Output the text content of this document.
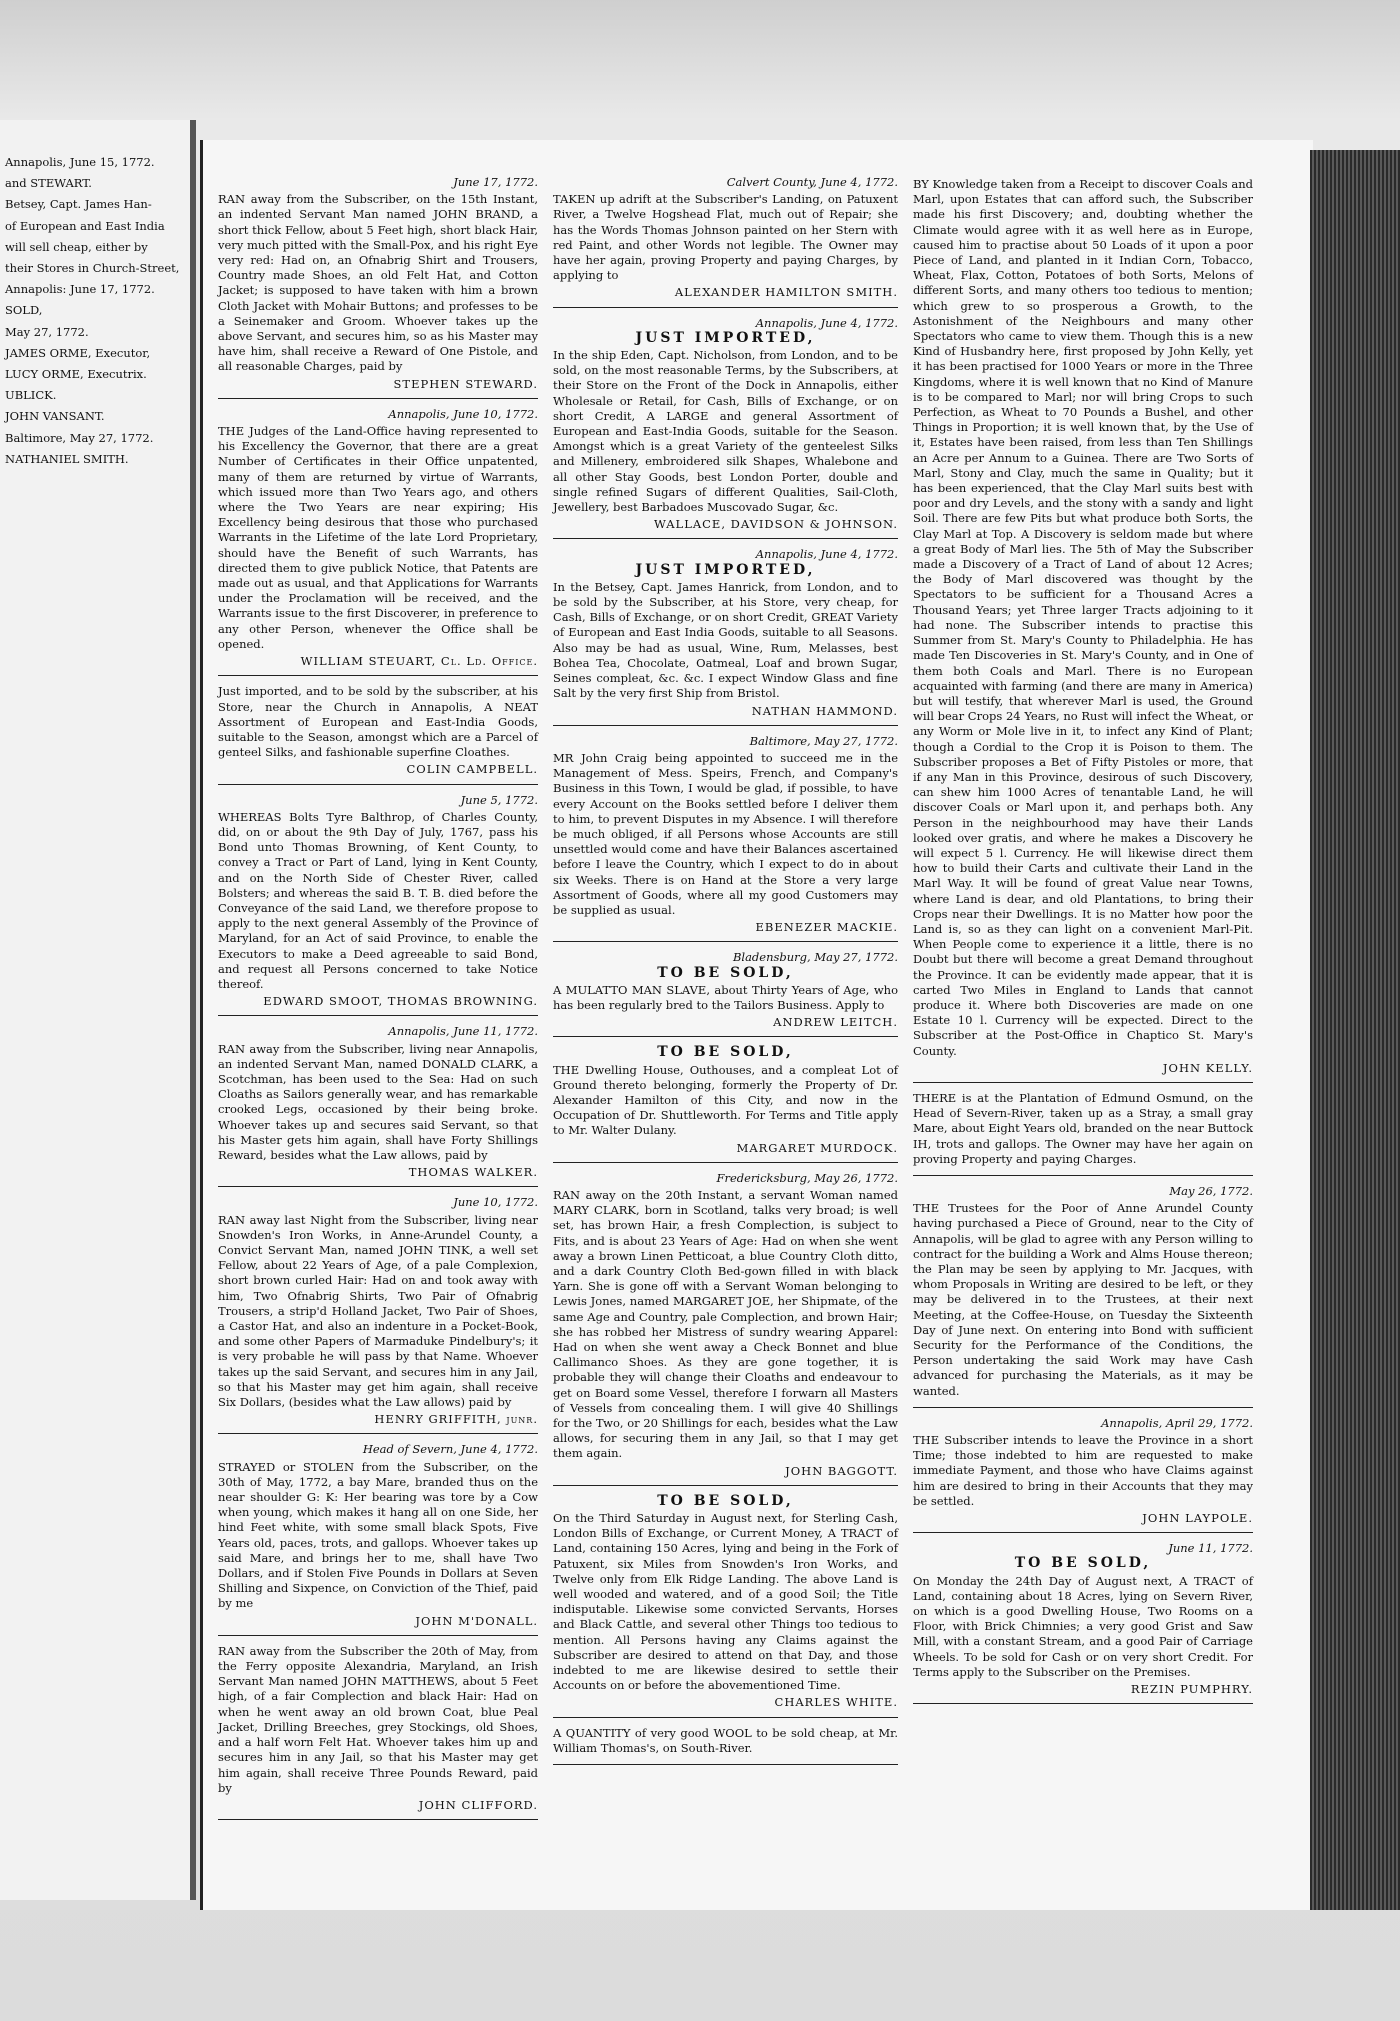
Annapolis, June 15, 1772.
and STEWART.
Betsey, Capt. James Han-
of European and East India
will sell cheap, either by
their Stores in Church-Street,
Annapolis: June 17, 1772.
SOLD,
May 27, 1772.
JAMES ORME, Executor,
LUCY ORME, Executrix.
UBLICK.
JOHN VANSANT.
Baltimore, May 27, 1772.
NATHANIEL SMITH.
June 17, 1772.
RAN away from the Subscriber, on the 15th Instant, an indented Servant Man named JOHN BRAND, a short thick Fellow, about 5 Feet high, short black Hair, very much pitted with the Small-Pox, and his right Eye very red: Had on, an Ofnabrig Shirt and Trousers, Country made Shoes, an old Felt Hat, and Cotton Jacket; is supposed to have taken with him a brown Cloth Jacket with Mohair Buttons; and professes to be a Seinemaker and Groom. Whoever takes up the above Servant, and secures him, so as his Master may have him, shall receive a Reward of One Pistole, and all reasonable Charges, paid by
STEPHEN STEWARD.
Annapolis, June 10, 1772.
THE Judges of the Land-Office having represented to his Excellency the Governor, that there are a great Number of Certificates in their Office unpatented, many of them are returned by virtue of Warrants, which issued more than Two Years ago, and others where the Two Years are near expiring; His Excellency being desirous that those who purchased Warrants in the Lifetime of the late Lord Proprietary, should have the Benefit of such Warrants, has directed them to give publick Notice, that Patents are made out as usual, and that Applications for Warrants under the Proclamation will be received, and the Warrants issue to the first Discoverer, in preference to any other Person, whenever the Office shall be opened.
WILLIAM STEUART, Cl. Ld. Office.
Just imported, and to be sold by the subscriber, at his Store, near the Church in Annapolis, A NEAT Assortment of European and East-India Goods, suitable to the Season, amongst which are a Parcel of genteel Silks, and fashionable superfine Cloathes.
COLIN CAMPBELL.
June 5, 1772.
WHEREAS Bolts Tyre Balthrop, of Charles County, did, on or about the 9th Day of July, 1767, pass his Bond unto Thomas Browning, of Kent County, to convey a Tract or Part of Land, lying in Kent County, and on the North Side of Chester River, called Bolsters; and whereas the said B. T. B. died before the Conveyance of the said Land, we therefore propose to apply to the next general Assembly of the Province of Maryland, for an Act of said Province, to enable the Executors to make a Deed agreeable to said Bond, and request all Persons concerned to take Notice thereof.
EDWARD SMOOT, THOMAS BROWNING.
Annapolis, June 11, 1772.
RAN away from the Subscriber, living near Annapolis, an indented Servant Man, named DONALD CLARK, a Scotchman, has been used to the Sea: Had on such Cloaths as Sailors generally wear, and has remarkable crooked Legs, occasioned by their being broke. Whoever takes up and secures said Servant, so that his Master gets him again, shall have Forty Shillings Reward, besides what the Law allows, paid by
THOMAS WALKER.
June 10, 1772.
RAN away last Night from the Subscriber, living near Snowden's Iron Works, in Anne-Arundel County, a Convict Servant Man, named JOHN TINK, a well set Fellow, about 22 Years of Age, of a pale Complexion, short brown curled Hair: Had on and took away with him, Two Ofnabrig Shirts, Two Pair of Ofnabrig Trousers, a strip'd Holland Jacket, Two Pair of Shoes, a Castor Hat, and also an indenture in a Pocket-Book, and some other Papers of Marmaduke Pindelbury's; it is very probable he will pass by that Name. Whoever takes up the said Servant, and secures him in any Jail, so that his Master may get him again, shall receive Six Dollars, (besides what the Law allows) paid by
HENRY GRIFFITH, junr.
Head of Severn, June 4, 1772.
STRAYED or STOLEN from the Subscriber, on the 30th of May, 1772, a bay Mare, branded thus on the near shoulder G: K: Her bearing was tore by a Cow when young, which makes it hang all on one Side, her hind Feet white, with some small black Spots, Five Years old, paces, trots, and gallops. Whoever takes up said Mare, and brings her to me, shall have Two Dollars, and if Stolen Five Pounds in Dollars at Seven Shilling and Sixpence, on Conviction of the Thief, paid by me
JOHN M'DONALL.
RAN away from the Subscriber the 20th of May, from the Ferry opposite Alexandria, Maryland, an Irish Servant Man named JOHN MATTHEWS, about 5 Feet high, of a fair Complection and black Hair: Had on when he went away an old brown Coat, blue Peal Jacket, Drilling Breeches, grey Stockings, old Shoes, and a half worn Felt Hat. Whoever takes him up and secures him in any Jail, so that his Master may get him again, shall receive Three Pounds Reward, paid by
JOHN CLIFFORD.
Calvert County, June 4, 1772.
TAKEN up adrift at the Subscriber's Landing, on Patuxent River, a Twelve Hogshead Flat, much out of Repair; she has the Words Thomas Johnson painted on her Stern with red Paint, and other Words not legible. The Owner may have her again, proving Property and paying Charges, by applying to
ALEXANDER HAMILTON SMITH.
Annapolis, June 4, 1772.
JUST IMPORTED,
In the ship Eden, Capt. Nicholson, from London, and to be sold, on the most reasonable Terms, by the Subscribers, at their Store on the Front of the Dock in Annapolis, either Wholesale or Retail, for Cash, Bills of Exchange, or on short Credit, A LARGE and general Assortment of European and East-India Goods, suitable for the Season. Amongst which is a great Variety of the genteelest Silks and Millenery, embroidered silk Shapes, Whalebone and all other Stay Goods, best London Porter, double and single refined Sugars of different Qualities, Sail-Cloth, Jewellery, best Barbadoes Muscovado Sugar, &c.
WALLACE, DAVIDSON & JOHNSON.
Annapolis, June 4, 1772.
JUST IMPORTED,
In the Betsey, Capt. James Hanrick, from London, and to be sold by the Subscriber, at his Store, very cheap, for Cash, Bills of Exchange, or on short Credit, GREAT Variety of European and East India Goods, suitable to all Seasons. Also may be had as usual, Wine, Rum, Melasses, best Bohea Tea, Chocolate, Oatmeal, Loaf and brown Sugar, Seines compleat, &c. &c. I expect Window Glass and fine Salt by the very first Ship from Bristol.
NATHAN HAMMOND.
Baltimore, May 27, 1772.
MR John Craig being appointed to succeed me in the Management of Mess. Speirs, French, and Company's Business in this Town, I would be glad, if possible, to have every Account on the Books settled before I deliver them to him, to prevent Disputes in my Absence. I will therefore be much obliged, if all Persons whose Accounts are still unsettled would come and have their Balances ascertained before I leave the Country, which I expect to do in about six Weeks. There is on Hand at the Store a very large Assortment of Goods, where all my good Customers may be supplied as usual.
EBENEZER MACKIE.
Bladensburg, May 27, 1772.
TO BE SOLD,
A MULATTO MAN SLAVE, about Thirty Years of Age, who has been regularly bred to the Tailors Business. Apply to
ANDREW LEITCH.
TO BE SOLD,
THE Dwelling House, Outhouses, and a compleat Lot of Ground thereto belonging, formerly the Property of Dr. Alexander Hamilton of this City, and now in the Occupation of Dr. Shuttleworth. For Terms and Title apply to Mr. Walter Dulany.
MARGARET MURDOCK.
Fredericksburg, May 26, 1772.
RAN away on the 20th Instant, a servant Woman named MARY CLARK, born in Scotland, talks very broad; is well set, has brown Hair, a fresh Complection, is subject to Fits, and is about 23 Years of Age: Had on when she went away a brown Linen Petticoat, a blue Country Cloth ditto, and a dark Country Cloth Bed-gown filled in with black Yarn. She is gone off with a Servant Woman belonging to Lewis Jones, named MARGARET JOE, her Shipmate, of the same Age and Country, pale Complection, and brown Hair; she has robbed her Mistress of sundry wearing Apparel: Had on when she went away a Check Bonnet and blue Callimanco Shoes. As they are gone together, it is probable they will change their Cloaths and endeavour to get on Board some Vessel, therefore I forwarn all Masters of Vessels from concealing them. I will give 40 Shillings for the Two, or 20 Shillings for each, besides what the Law allows, for securing them in any Jail, so that I may get them again.
JOHN BAGGOTT.
TO BE SOLD,
On the Third Saturday in August next, for Sterling Cash, London Bills of Exchange, or Current Money, A TRACT of Land, containing 150 Acres, lying and being in the Fork of Patuxent, six Miles from Snowden's Iron Works, and Twelve only from Elk Ridge Landing. The above Land is well wooded and watered, and of a good Soil; the Title indisputable. Likewise some convicted Servants, Horses and Black Cattle, and several other Things too tedious to mention. All Persons having any Claims against the Subscriber are desired to attend on that Day, and those indebted to me are likewise desired to settle their Accounts on or before the abovementioned Time.
CHARLES WHITE.
A QUANTITY of very good WOOL to be sold cheap, at Mr. William Thomas's, on South-River.
BY Knowledge taken from a Receipt to discover Coals and Marl, upon Estates that can afford such, the Subscriber made his first Discovery; and, doubting whether the Climate would agree with it as well here as in Europe, caused him to practise about 50 Loads of it upon a poor Piece of Land, and planted in it Indian Corn, Tobacco, Wheat, Flax, Cotton, Potatoes of both Sorts, Melons of different Sorts, and many others too tedious to mention; which grew to so prosperous a Growth, to the Astonishment of the Neighbours and many other Spectators who came to view them. Though this is a new Kind of Husbandry here, first proposed by John Kelly, yet it has been practised for 1000 Years or more in the Three Kingdoms, where it is well known that no Kind of Manure is to be compared to Marl; nor will bring Crops to such Perfection, as Wheat to 70 Pounds a Bushel, and other Things in Proportion; it is well known that, by the Use of it, Estates have been raised, from less than Ten Shillings an Acre per Annum to a Guinea. There are Two Sorts of Marl, Stony and Clay, much the same in Quality; but it has been experienced, that the Clay Marl suits best with poor and dry Levels, and the stony with a sandy and light Soil. There are few Pits but what produce both Sorts, the Clay Marl at Top. A Discovery is seldom made but where a great Body of Marl lies. The 5th of May the Subscriber made a Discovery of a Tract of Land of about 12 Acres; the Body of Marl discovered was thought by the Spectators to be sufficient for a Thousand Acres a Thousand Years; yet Three larger Tracts adjoining to it had none. The Subscriber intends to practise this Summer from St. Mary's County to Philadelphia. He has made Ten Discoveries in St. Mary's County, and in One of them both Coals and Marl. There is no European acquainted with farming (and there are many in America) but will testify, that wherever Marl is used, the Ground will bear Crops 24 Years, no Rust will infect the Wheat, or any Worm or Mole live in it, to infect any Kind of Plant; though a Cordial to the Crop it is Poison to them. The Subscriber proposes a Bet of Fifty Pistoles or more, that if any Man in this Province, desirous of such Discovery, can shew him 1000 Acres of tenantable Land, he will discover Coals or Marl upon it, and perhaps both. Any Person in the neighbourhood may have their Lands looked over gratis, and where he makes a Discovery he will expect 5 l. Currency. He will likewise direct them how to build their Carts and cultivate their Land in the Marl Way. It will be found of great Value near Towns, where Land is dear, and old Plantations, to bring their Crops near their Dwellings. It is no Matter how poor the Land is, so as they can light on a convenient Marl-Pit. When People come to experience it a little, there is no Doubt but there will become a great Demand throughout the Province. It can be evidently made appear, that it is carted Two Miles in England to Lands that cannot produce it. Where both Discoveries are made on one Estate 10 l. Currency will be expected. Direct to the Subscriber at the Post-Office in Chaptico St. Mary's County.
JOHN KELLY.
THERE is at the Plantation of Edmund Osmund, on the Head of Severn-River, taken up as a Stray, a small gray Mare, about Eight Years old, branded on the near Buttock IH, trots and gallops. The Owner may have her again on proving Property and paying Charges.
May 26, 1772.
THE Trustees for the Poor of Anne Arundel County having purchased a Piece of Ground, near to the City of Annapolis, will be glad to agree with any Person willing to contract for the building a Work and Alms House thereon; the Plan may be seen by applying to Mr. Jacques, with whom Proposals in Writing are desired to be left, or they may be delivered in to the Trustees, at their next Meeting, at the Coffee-House, on Tuesday the Sixteenth Day of June next. On entering into Bond with sufficient Security for the Performance of the Conditions, the Person undertaking the said Work may have Cash advanced for purchasing the Materials, as it may be wanted.
Annapolis, April 29, 1772.
THE Subscriber intends to leave the Province in a short Time; those indebted to him are requested to make immediate Payment, and those who have Claims against him are desired to bring in their Accounts that they may be settled.
JOHN LAYPOLE.
June 11, 1772.
TO BE SOLD,
On Monday the 24th Day of August next, A TRACT of Land, containing about 18 Acres, lying on Severn River, on which is a good Dwelling House, Two Rooms on a Floor, with Brick Chimnies; a very good Grist and Saw Mill, with a constant Stream, and a good Pair of Carriage Wheels. To be sold for Cash or on very short Credit. For Terms apply to the Subscriber on the Premises.
REZIN PUMPHRY.
